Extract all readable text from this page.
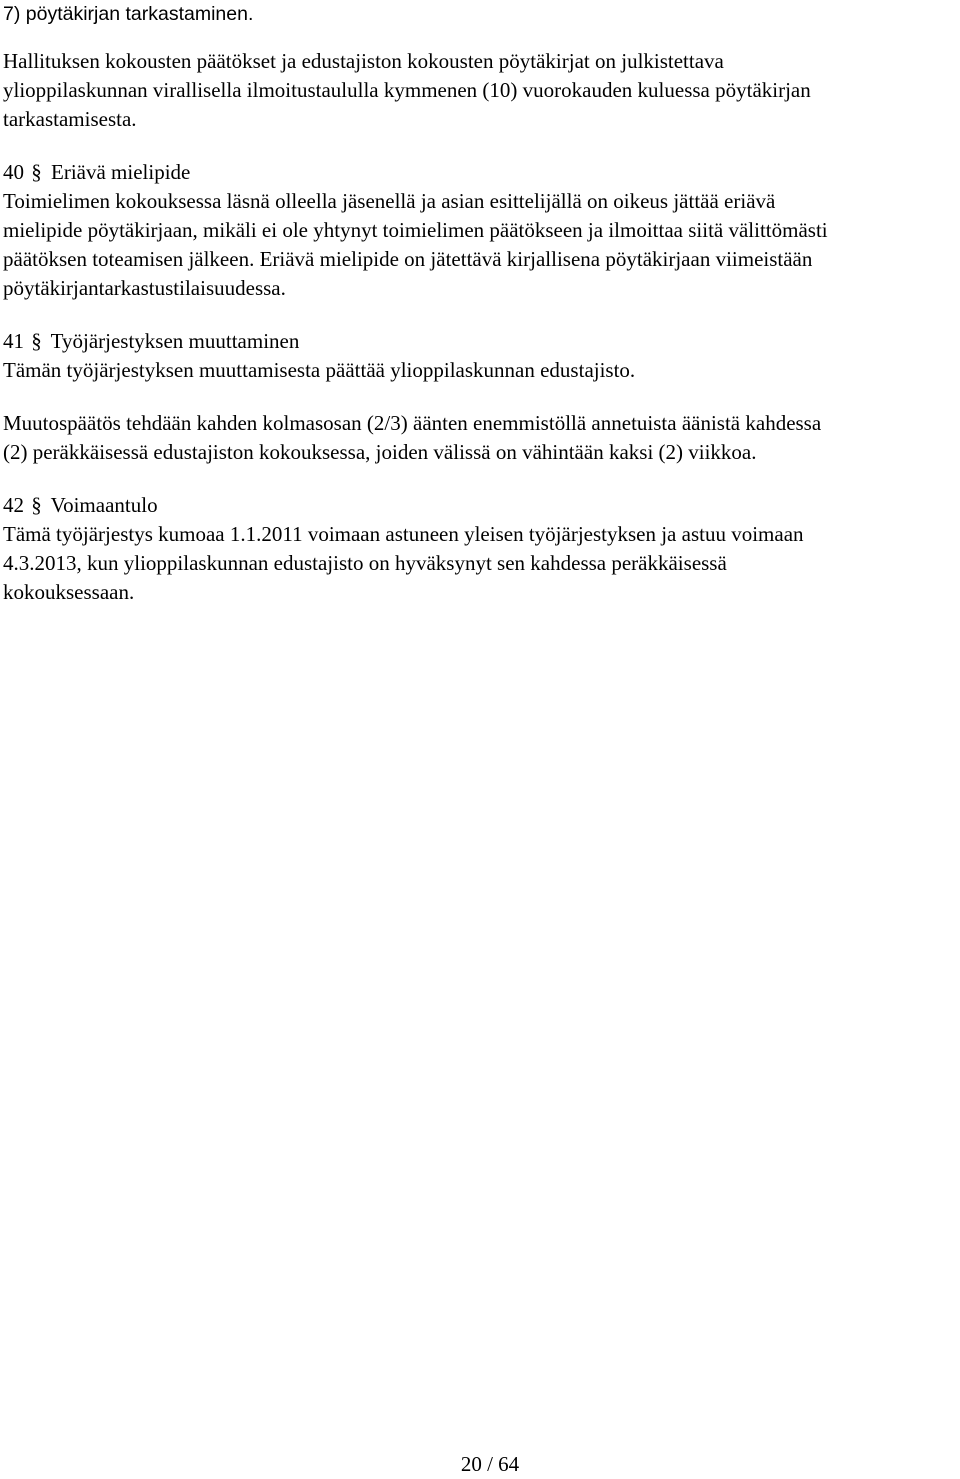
7) pöytäkirjan tarkastaminen.
Hallituksen kokousten päätökset ja edustajiston kokousten pöytäkirjat on julkistettava
ylioppilaskunnan virallisella ilmoitustaululla kymmenen (10) vuorokauden kuluessa pöytäkirjan
tarkastamisesta.
40 § Eriävä mielipide
Toimielimen kokouksessa läsnä olleella jäsenellä ja asian esittelijällä on oikeus jättää eriävä
mielipide pöytäkirjaan, mikäli ei ole yhtynyt toimielimen päätökseen ja ilmoittaa siitä välittömästi
päätöksen toteamisen jälkeen. Eriävä mielipide on jätettävä kirjallisena pöytäkirjaan viimeistään
pöytäkirjantarkastustilaisuudessa.
41 § Työjärjestyksen muuttaminen
Tämän työjärjestyksen muuttamisesta päättää ylioppilaskunnan edustajisto.
Muutospäätös tehdään kahden kolmasosan (2/3) äänten enemmistöllä annetuista äänistä kahdessa
(2) peräkkäisessä edustajiston kokouksessa, joiden välissä on vähintään kaksi (2) viikkoa.
42 § Voimaantulo
Tämä työjärjestys kumoaa 1.1.2011 voimaan astuneen yleisen työjärjestyksen ja astuu voimaan
4.3.2013, kun ylioppilaskunnan edustajisto on hyväksynyt sen kahdessa peräkkäisessä
kokouksessaan.
20 / 64
